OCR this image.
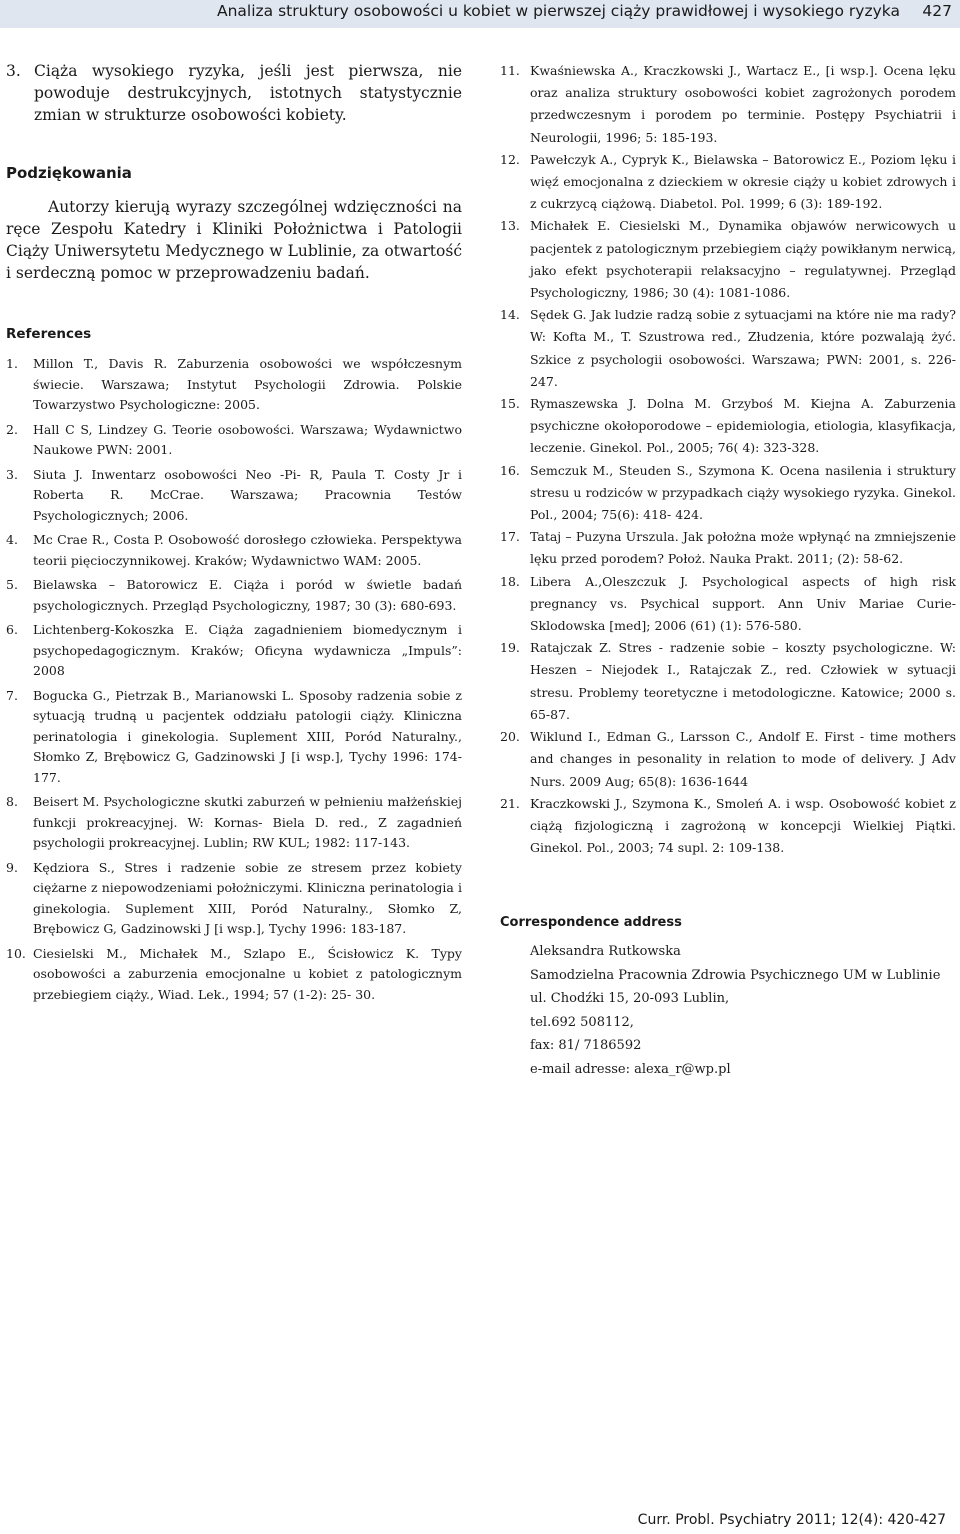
Analiza struktury osobowości u kobiet w pierwszej ciąży prawidłowej i wysokiego ryzyka 427
3. Ciąża wysokiego ryzyka, jeśli jest pierwsza, nie powoduje destrukcyjnych, istotnych statystycznie zmian w strukturze osobowości kobiety.
Podziękowania
Autorzy kierują wyrazy szczególnej wdzięczności na ręce Zespołu Katedry i Kliniki Położnictwa i Patologii Ciąży Uniwersytetu Medycznego w Lublinie, za otwartość i serdeczną pomoc w przeprowadzeniu badań.
References
1.	Millon T., Davis R. Zaburzenia osobowości we współczesnym świecie. Warszawa; Instytut Psychologii Zdrowia. Polskie Towarzystwo Psychologiczne: 2005.
2.	Hall C S, Lindzey G. Teorie osobowości. Warszawa; Wydawnictwo Naukowe PWN: 2001.
3.	Siuta J. Inwentarz osobowości Neo -Pi- R, Paula T. Costy Jr i Roberta R. McCrae. Warszawa; Pracownia Testów Psychologicznych; 2006.
4.	Mc Crae R., Costa P. Osobowość dorosłego człowieka. Perspektywa teorii pięcioczynnikowej. Kraków; Wydawnictwo WAM: 2005.
5.	Bielawska – Batorowicz E. Ciąża i poród w świetle badań psychologicznych. Przegląd Psychologiczny, 1987; 30 (3): 680-693.
6.	Lichtenberg-Kokoszka E. Ciąża zagadnieniem biomedycznym i psychopedagogicznym. Kraków; Oficyna wydawnicza „Impuls”: 2008
7.	Bogucka G., Pietrzak B., Marianowski L. Sposoby radzenia sobie z sytuacją trudną u pacjentek oddziału patologii ciąży. Kliniczna perinatologia i ginekologia. Suplement XIII, Poród Naturalny., Słomko Z, Brębowicz G, Gadzinowski J [i wsp.], Tychy 1996: 174-177.
8.	Beisert M. Psychologiczne skutki zaburzeń w pełnieniu małżeńskiej funkcji prokreacyjnej. W: Kornas- Biela D. red., Z zagadnień psychologii prokreacyjnej. Lublin; RW KUL; 1982: 117-143.
9.	Kędziora S., Stres i radzenie sobie ze stresem przez kobiety ciężarne z niepowodzeniami położniczymi. Kliniczna perinatologia i ginekologia. Suplement XIII, Poród Naturalny., Słomko Z, Brębowicz G, Gadzinowski J [i wsp.], Tychy 1996: 183-187.
10. Ciesielski M., Michałek M., Szlapo E., Ścisłowicz K. Typy osobowości a zaburzenia emocjonalne u kobiet z patologicznym przebiegiem ciąży., Wiad. Lek., 1994; 57 (1-2): 25- 30.
11. Kwaśniewska A., Kraczkowski J., Wartacz E., [i wsp.]. Ocena lęku oraz analiza struktury osobowości kobiet zagrożonych porodem przedwczesnym i porodem po terminie. Postępy Psychiatrii i Neurologii, 1996; 5: 185-193.
12. Pawełczyk A., Cypryk K., Bielawska – Batorowicz E., Poziom lęku i więź emocjonalna z dzieckiem w okresie ciąży u kobiet zdrowych i z cukrzycą ciążową. Diabetol. Pol. 1999; 6 (3): 189-192.
13. Michałek E. Ciesielski M., Dynamika objawów nerwicowych u pacjentek z patologicznym przebiegiem ciąży powikłanym nerwicą, jako efekt psychoterapii relaksacyjno – regulatywnej. Przegląd Psychologiczny, 1986; 30 (4): 1081-1086.
14. Sędek G. Jak ludzie radzą sobie z sytuacjami na które nie ma rady? W: Kofta M., T. Szustrowa red., Złudzenia, które pozwalają żyć. Szkice z psychologii osobowości. Warszawa; PWN: 2001, s. 226- 247.
15. Rymaszewska J. Dolna M. Grzyboś M. Kiejna A. Zaburzenia psychiczne okołoporodowe – epidemiologia, etiologia, klasyfikacja, leczenie. Ginekol. Pol., 2005; 76( 4): 323-328.
16. Semczuk M., Steuden S., Szymona K. Ocena nasilenia i struktury stresu u rodziców w przypadkach ciąży wysokiego ryzyka. Ginekol. Pol., 2004; 75(6): 418- 424.
17. Tataj – Puzyna Urszula. Jak położna może wpłynąć na zmniejszenie lęku przed porodem? Położ. Nauka Prakt. 2011; (2): 58-62.
18. Libera A.,Oleszczuk J. Psychological aspects of high risk pregnancy vs. Psychical support. Ann Univ Mariae Curie-Sklodowska [med]; 2006 (61) (1): 576-580.
19. Ratajczak Z. Stres - radzenie sobie – koszty psychologiczne. W: Heszen – Niejodek I., Ratajczak Z., red. Człowiek w sytuacji stresu. Problemy teoretyczne i metodologiczne. Katowice; 2000 s. 65-87.
20. Wiklund I., Edman G., Larsson C., Andolf E. First - time mothers and changes in pesonality in relation to mode of delivery. J Adv Nurs. 2009 Aug; 65(8): 1636-1644
21. Kraczkowski J., Szymona K., Smoleń A. i wsp. Osobowość kobiet z ciążą fizjologiczną i zagrożoną w koncepcji Wielkiej Piątki. Ginekol. Pol., 2003; 74 supl. 2: 109-138.
Correspondence address
Aleksandra Rutkowska
Samodzielna Pracownia Zdrowia Psychicznego UM w Lublinie
ul. Chodźki 15, 20-093 Lublin,
tel.692 508112,
fax: 81/ 7186592
e-mail adresse: alexa_r@wp.pl
Curr. Probl. Psychiatry 2011; 12(4): 420-427
